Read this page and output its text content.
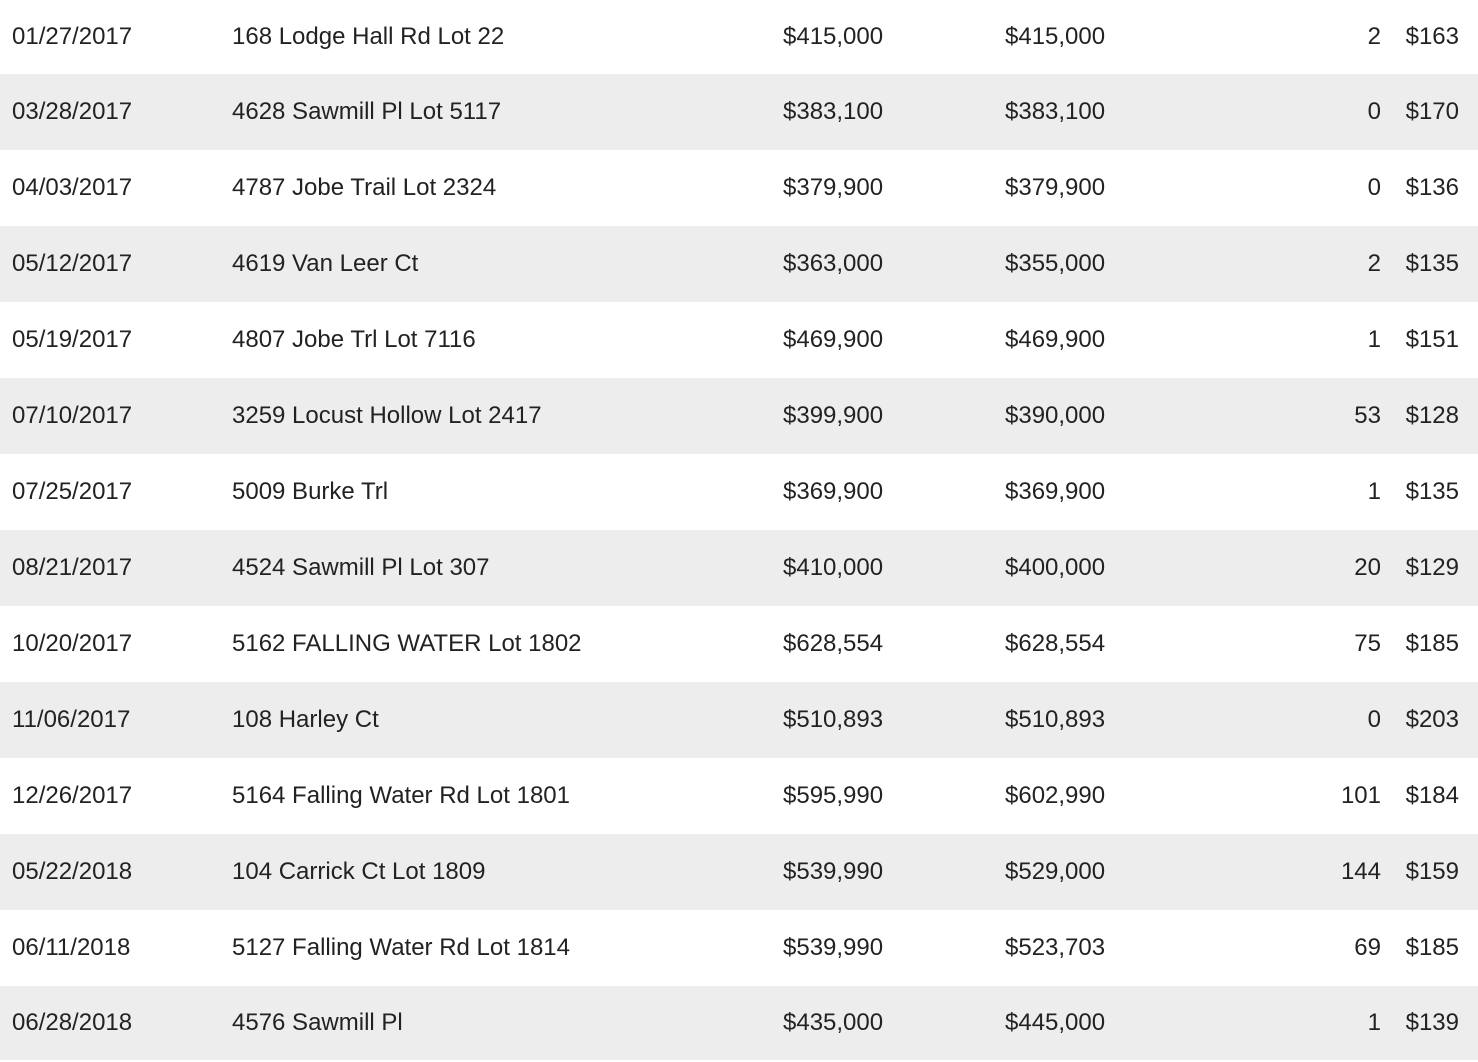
01/27/2017	168 Lodge Hall Rd Lot 22	$415,000	$415,000	2	$163
03/28/2017	4628 Sawmill Pl Lot 5117	$383,100	$383,100	0	$170
04/03/2017	4787 Jobe Trail Lot 2324	$379,900	$379,900	0	$136
05/12/2017	4619 Van Leer Ct	$363,000	$355,000	2	$135
05/19/2017	4807 Jobe Trl Lot 7116	$469,900	$469,900	1	$151
07/10/2017	3259 Locust Hollow Lot 2417	$399,900	$390,000	53	$128
07/25/2017	5009 Burke Trl	$369,900	$369,900	1	$135
08/21/2017	4524 Sawmill Pl Lot 307	$410,000	$400,000	20	$129
10/20/2017	5162 FALLING WATER Lot 1802	$628,554	$628,554	75	$185
11/06/2017	108 Harley Ct	$510,893	$510,893	0	$203
12/26/2017	5164 Falling Water Rd Lot 1801	$595,990	$602,990	101	$184
05/22/2018	104 Carrick Ct Lot 1809	$539,990	$529,000	144	$159
06/11/2018	5127 Falling Water Rd Lot 1814	$539,990	$523,703	69	$185
06/28/2018	4576 Sawmill Pl	$435,000	$445,000	1	$139
